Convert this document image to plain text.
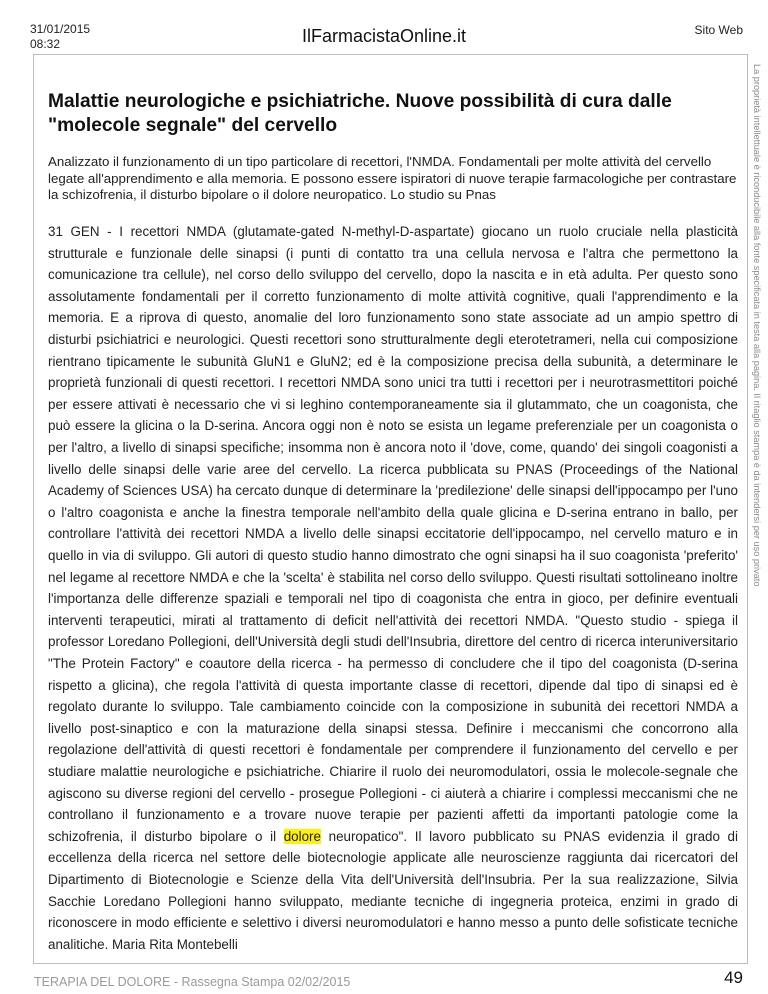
31/01/2015
08:32	IlFarmacistaOnline.it	Sito Web
La proprietà intellettuale è riconducibile alla fonte specificata in testa alla pagina. Il ritaglio stampa è da intendersi per uso privato
Malattie neurologiche e psichiatriche. Nuove possibilità di cura dalle "molecole segnale" del cervello

Analizzato il funzionamento di un tipo particolare di recettori, l'NMDA. Fondamentali per molte attività del cervello legate all'apprendimento e alla memoria. E possono essere ispiratori di nuove terapie farmacologiche per contrastare la schizofrenia, il disturbo bipolare o il dolore neuropatico. Lo studio su Pnas

31 GEN - I recettori NMDA (glutamate-gated N-methyl-D-aspartate) giocano un ruolo cruciale nella plasticità strutturale e funzionale delle sinapsi (i punti di contatto tra una cellula nervosa e l'altra che permettono la comunicazione tra cellule), nel corso dello sviluppo del cervello, dopo la nascita e in età adulta. Per questo sono assolutamente fondamentali per il corretto funzionamento di molte attività cognitive, quali l'apprendimento e la memoria. E a riprova di questo, anomalie del loro funzionamento sono state associate ad un ampio spettro di disturbi psichiatrici e neurologici. Questi recettori sono strutturalmente degli eterotetrameri, nella cui composizione rientrano tipicamente le subunità GluN1 e GluN2; ed è la composizione precisa della subunità, a determinare le proprietà funzionali di questi recettori. I recettori NMDA sono unici tra tutti i recettori per i neurotrasmettitori poiché per essere attivati è necessario che vi si leghino contemporaneamente sia il glutammato, che un coagonista, che può essere la glicina o la D-serina. Ancora oggi non è noto se esista un legame preferenziale per un coagonista o per l'altro, a livello di sinapsi specifiche; insomma non è ancora noto il 'dove, come, quando' dei singoli coagonisti a livello delle sinapsi delle varie aree del cervello. La ricerca pubblicata su PNAS (Proceedings of the National Academy of Sciences USA) ha cercato dunque di determinare la 'predilezione' delle sinapsi dell'ippocampo per l'uno o l'altro coagonista e anche la finestra temporale nell'ambito della quale glicina e D-serina entrano in ballo, per controllare l'attività dei recettori NMDA a livello delle sinapsi eccitatorie dell'ippocampo, nel cervello maturo e in quello in via di sviluppo. Gli autori di questo studio hanno dimostrato che ogni sinapsi ha il suo coagonista 'preferito' nel legame al recettore NMDA e che la 'scelta' è stabilita nel corso dello sviluppo. Questi risultati sottolineano inoltre l'importanza delle differenze spaziali e temporali nel tipo di coagonista che entra in gioco, per definire eventuali interventi terapeutici, mirati al trattamento di deficit nell'attività dei recettori NMDA. "Questo studio - spiega il professor Loredano Pollegioni, dell'Università degli studi dell'Insubria, direttore del centro di ricerca interuniversitario "The Protein Factory" e coautore della ricerca - ha permesso di concludere che il tipo del coagonista (D-serina rispetto a glicina), che regola l'attività di questa importante classe di recettori, dipende dal tipo di sinapsi ed è regolato durante lo sviluppo. Tale cambiamento coincide con la composizione in subunità dei recettori NMDA a livello post-sinaptico e con la maturazione della sinapsi stessa. Definire i meccanismi che concorrono alla regolazione dell'attività di questi recettori è fondamentale per comprendere il funzionamento del cervello e per studiare malattie neurologiche e psichiatriche. Chiarire il ruolo dei neuromodulatori, ossia le molecole-segnale che agiscono su diverse regioni del cervello - prosegue Pollegioni - ci aiuterà a chiarire i complessi meccanismi che ne controllano il funzionamento e a trovare nuove terapie per pazienti affetti da importanti patologie come la schizofrenia, il disturbo bipolare o il dolore neuropatico". Il lavoro pubblicato su PNAS evidenzia il grado di eccellenza della ricerca nel settore delle biotecnologie applicate alle neuroscienze raggiunta dai ricercatori del Dipartimento di Biotecnologie e Scienze della Vita dell'Università dell'Insubria. Per la sua realizzazione, Silvia Sacchie Loredano Pollegioni hanno sviluppato, mediante tecniche di ingegneria proteica, enzimi in grado di riconoscere in modo efficiente e selettivo i diversi neuromodulatori e hanno messo a punto delle sofisticate tecniche analitiche. Maria Rita Montebelli

TERAPIA DEL DOLORE - Rassegna Stampa 02/02/2015	49
